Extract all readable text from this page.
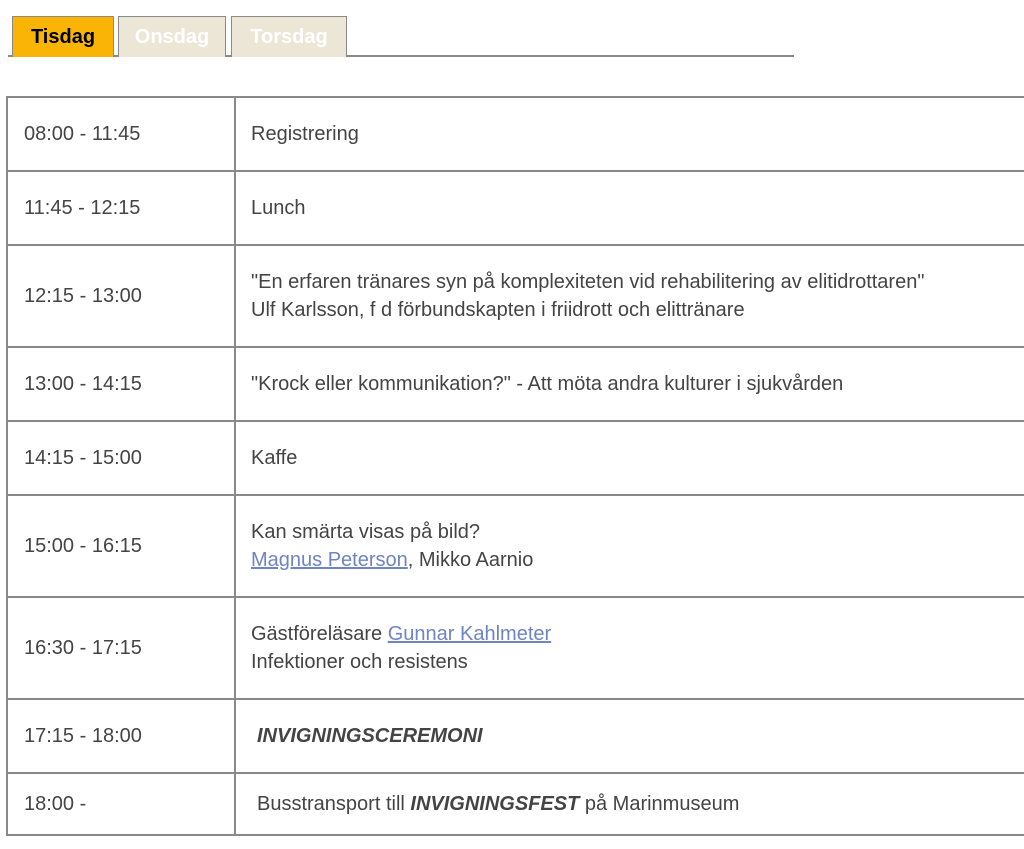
Tisdag	Onsdag	Torsdag
08:00 - 11:45	Registrering
11:45 - 12:15	Lunch
12:15 - 13:00	"En erfaren tränares syn på komplexiteten vid rehabilitering av elitidrottaren"
Ulf Karlsson, f d förbundskapten i friidrott och elittränare
13:00 - 14:15	"Krock eller kommunikation?" - Att möta andra kulturer i sjukvården
14:15 - 15:00	Kaffe
15:00 - 16:15	Kan smärta visas på bild?
Magnus Peterson, Mikko Aarnio
16:30 - 17:15	Gästföreläsare Gunnar Kahlmeter
Infektioner och resistens
17:15 - 18:00	INVIGNINGSCEREMONI
18:00 -	Busstransport till INVIGNINGSFEST på Marinmuseum
